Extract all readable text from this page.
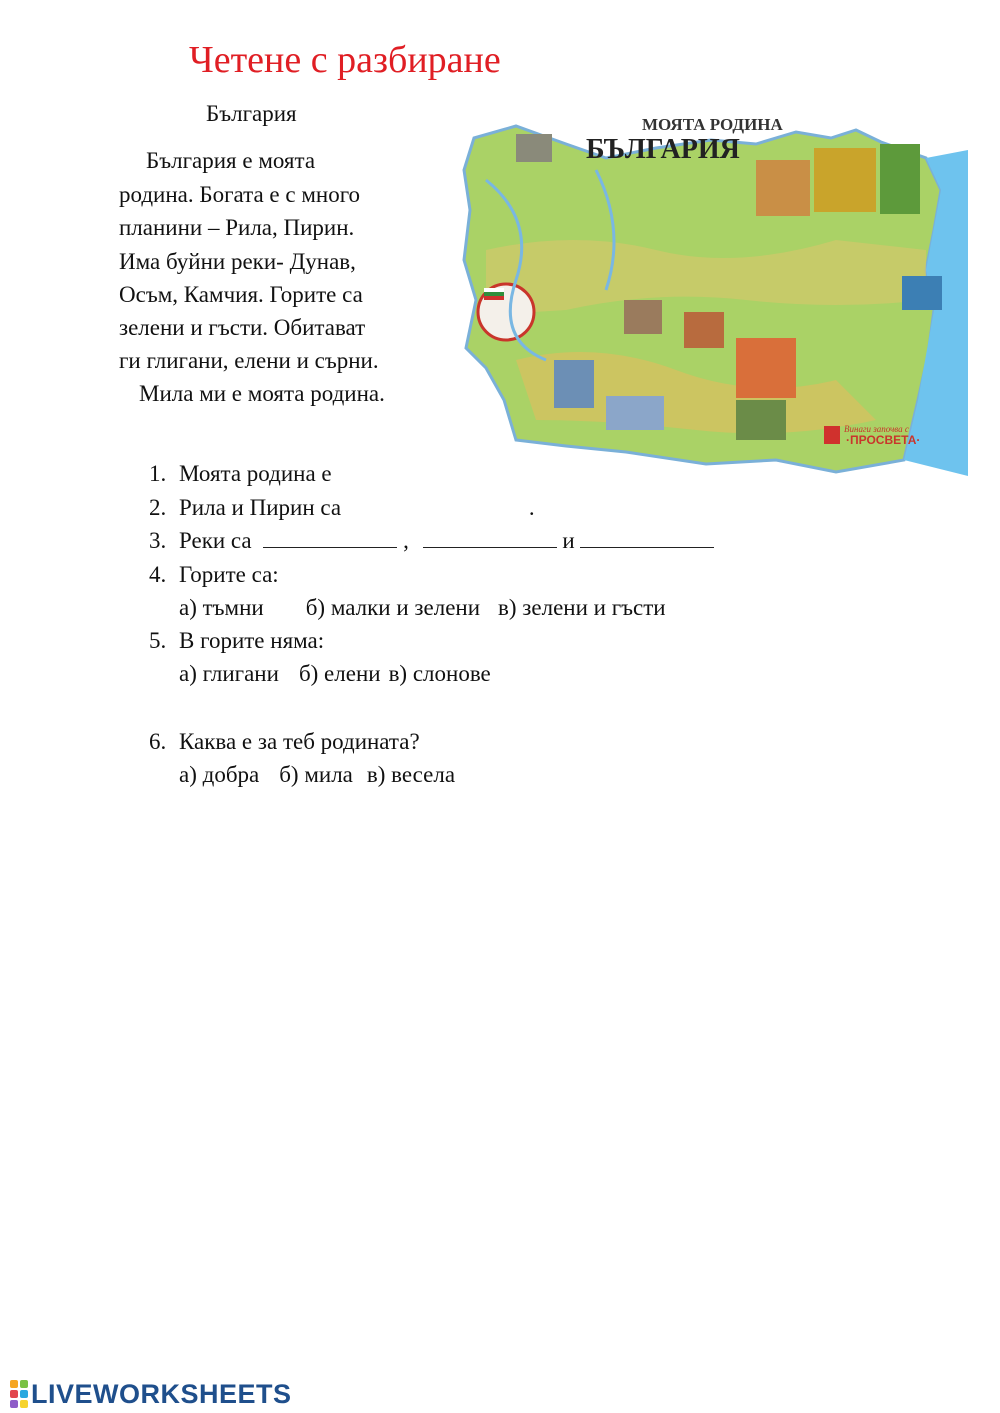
Четене с разбиране
България
България е моята
родина. Богата е с много
планини – Рила, Пирин.
Има буйни реки- Дунав,
Осъм, Камчия. Горите са
зелени и гъсти. Обитават
ги глигани, елени и сърни.
Мила ми е моята родина.
МОЯТА РОДИНА
БЪЛГАРИЯ
Винаги започва с
·ПРОСВЕТА·
1. Моята родина е
2. Рила и Пирин са	.
3. Реки са	,	и
4. Горите са:
а) тъмни б) малки и зелени в) зелени и гъсти
5. В горите няма:
а) глигани б) елени в) слонове
6. Каква е за теб родината?
а) добра б) мила в) весела
LIVEWORKSHEETS
